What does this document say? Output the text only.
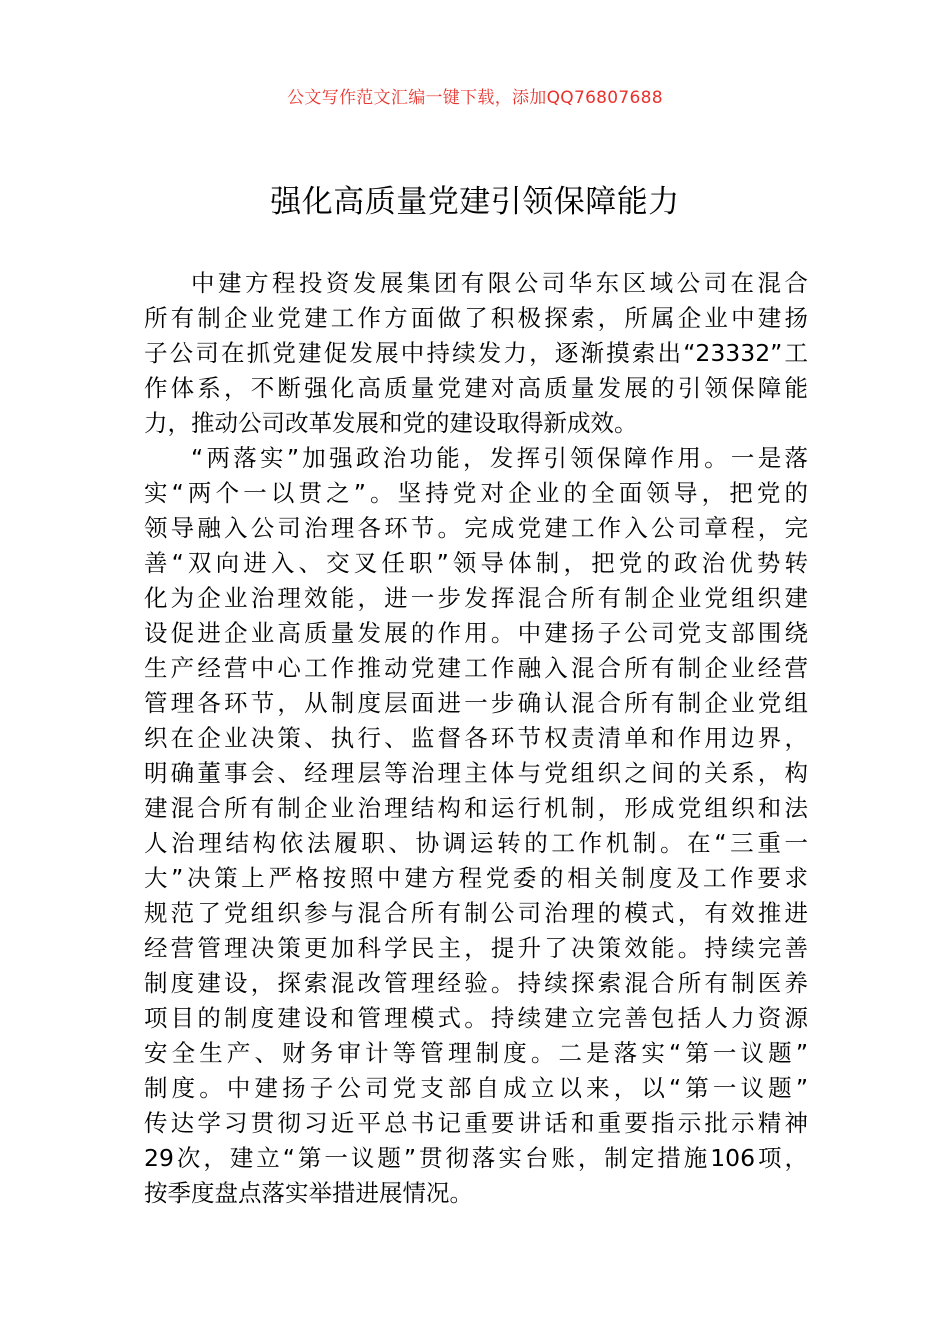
公文写作范文汇编一键下载，添加QQ76807688
强化高质量党建引领保障能力
中建方程投资发展集团有限公司华东区域公司在混合
所有制企业党建工作方面做了积极探索，所属企业中建扬
子公司在抓党建促发展中持续发力，逐渐摸索出“23332”工
作体系，不断强化高质量党建对高质量发展的引领保障能
力，推动公司改革发展和党的建设取得新成效。
“两落实”加强政治功能，发挥引领保障作用。一是落
实“两个一以贯之”。坚持党对企业的全面领导，把党的
领导融入公司治理各环节。完成党建工作入公司章程，完
善“双向进入、交叉任职”领导体制，把党的政治优势转
化为企业治理效能，进一步发挥混合所有制企业党组织建
设促进企业高质量发展的作用。中建扬子公司党支部围绕
生产经营中心工作推动党建工作融入混合所有制企业经营
管理各环节，从制度层面进一步确认混合所有制企业党组
织在企业决策、执行、监督各环节权责清单和作用边界，
明确董事会、经理层等治理主体与党组织之间的关系，构
建混合所有制企业治理结构和运行机制，形成党组织和法
人治理结构依法履职、协调运转的工作机制。在“三重一
大”决策上严格按照中建方程党委的相关制度及工作要求
规范了党组织参与混合所有制公司治理的模式，有效推进
经营管理决策更加科学民主，提升了决策效能。持续完善
制度建设，探索混改管理经验。持续探索混合所有制医养
项目的制度建设和管理模式。持续建立完善包括人力资源
安全生产、财务审计等管理制度。二是落实“第一议题”
制度。中建扬子公司党支部自成立以来，以“第一议题”
传达学习贯彻习近平总书记重要讲话和重要指示批示精神
29次，建立“第一议题”贯彻落实台账，制定措施106项，
按季度盘点落实举措进展情况。
